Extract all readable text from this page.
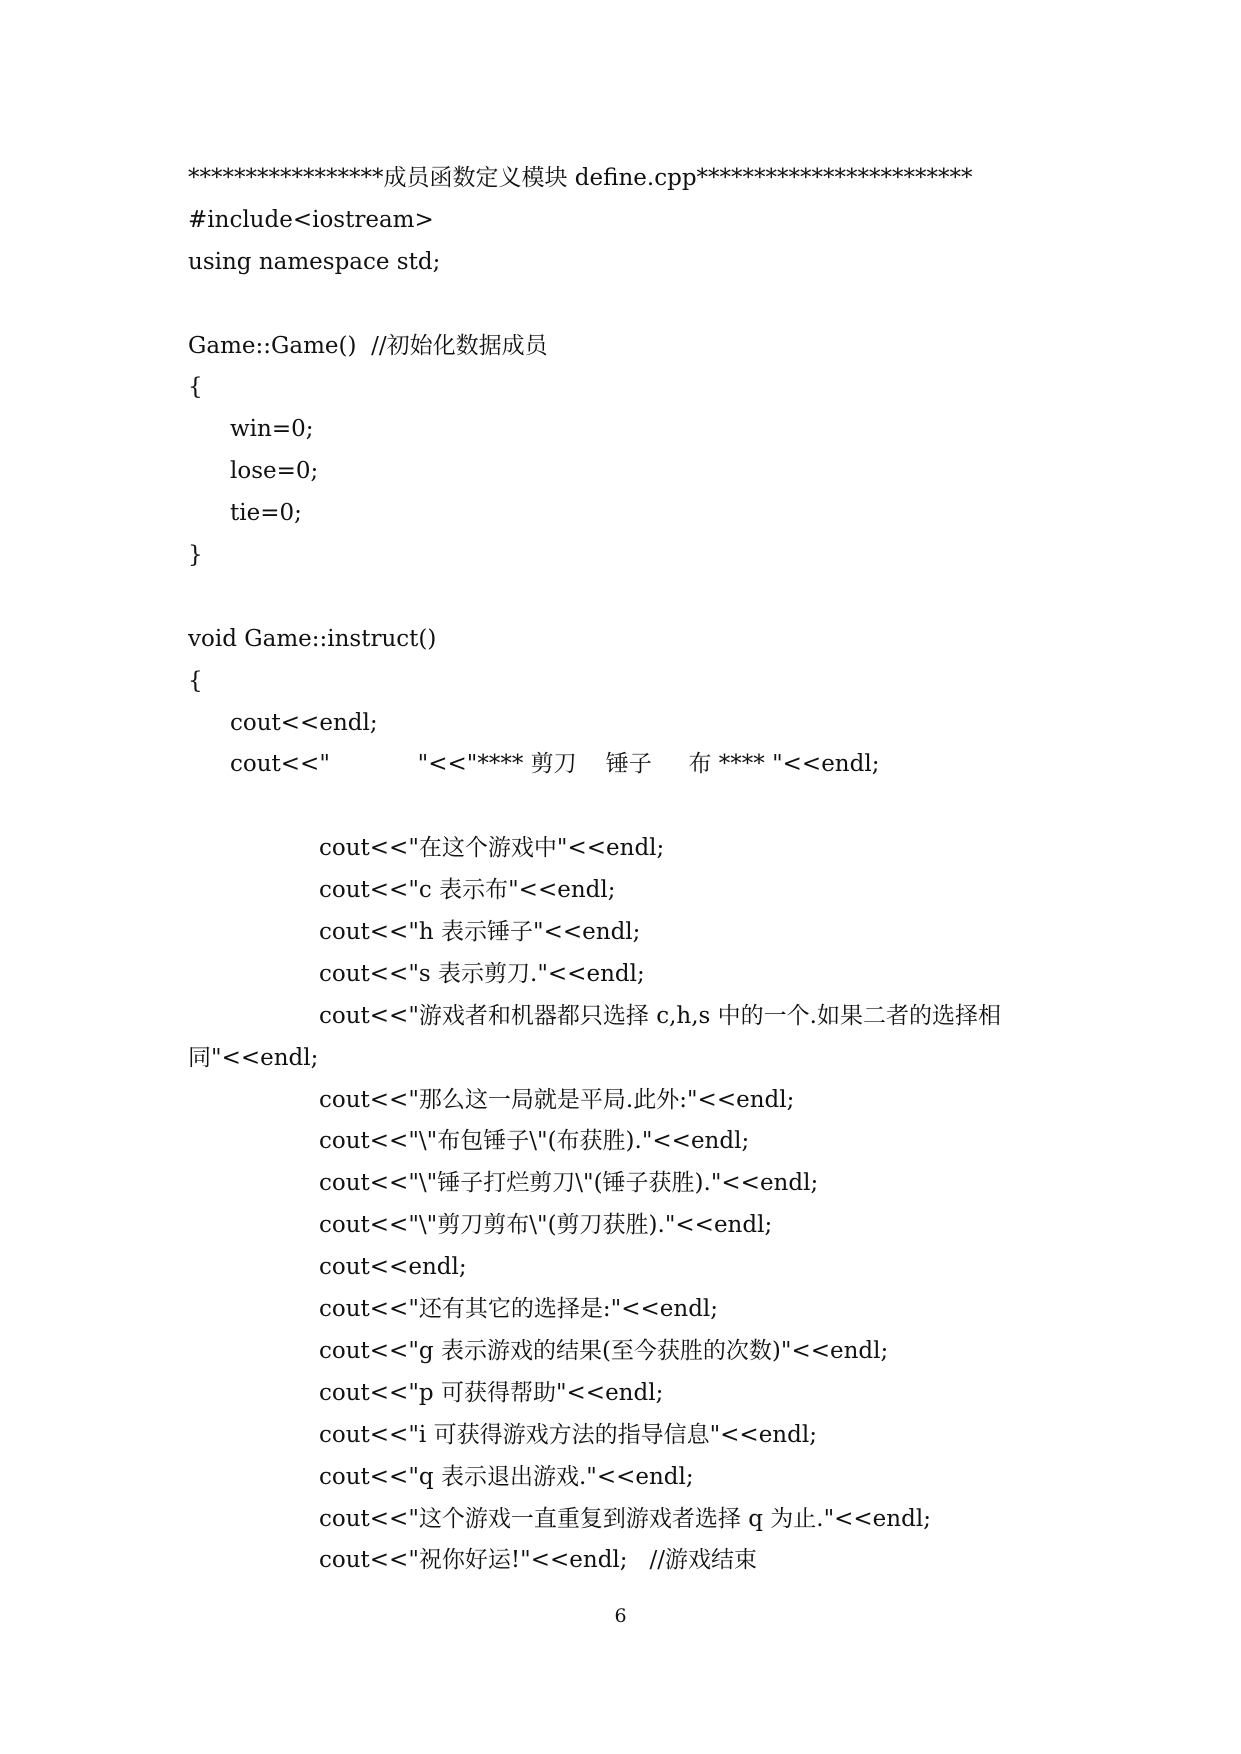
*****************成员函数定义模块 define.cpp************************
#include<iostream>
using namespace std;
Game::Game()  //初始化数据成员
{
win=0;
lose=0;
tie=0;
}
void Game::instruct()
{
cout<<endl;
cout<<"            "<<"**** 剪刀    锤子     布 **** "<<endl;
cout<<"在这个游戏中"<<endl;
cout<<"c 表示布"<<endl;
cout<<"h 表示锤子"<<endl;
cout<<"s 表示剪刀."<<endl;
cout<<"游戏者和机器都只选择 c,h,s 中的一个.如果二者的选择相
同"<<endl;
cout<<"那么这一局就是平局.此外:"<<endl;
cout<<"\"布包锤子\"(布获胜)."<<endl;
cout<<"\"锤子打烂剪刀\"(锤子获胜)."<<endl;
cout<<"\"剪刀剪布\"(剪刀获胜)."<<endl;
cout<<endl;
cout<<"还有其它的选择是:"<<endl;
cout<<"g 表示游戏的结果(至今获胜的次数)"<<endl;
cout<<"p 可获得帮助"<<endl;
cout<<"i 可获得游戏方法的指导信息"<<endl;
cout<<"q 表示退出游戏."<<endl;
cout<<"这个游戏一直重复到游戏者选择 q 为止."<<endl;
cout<<"祝你好运!"<<endl;   //游戏结束
6
